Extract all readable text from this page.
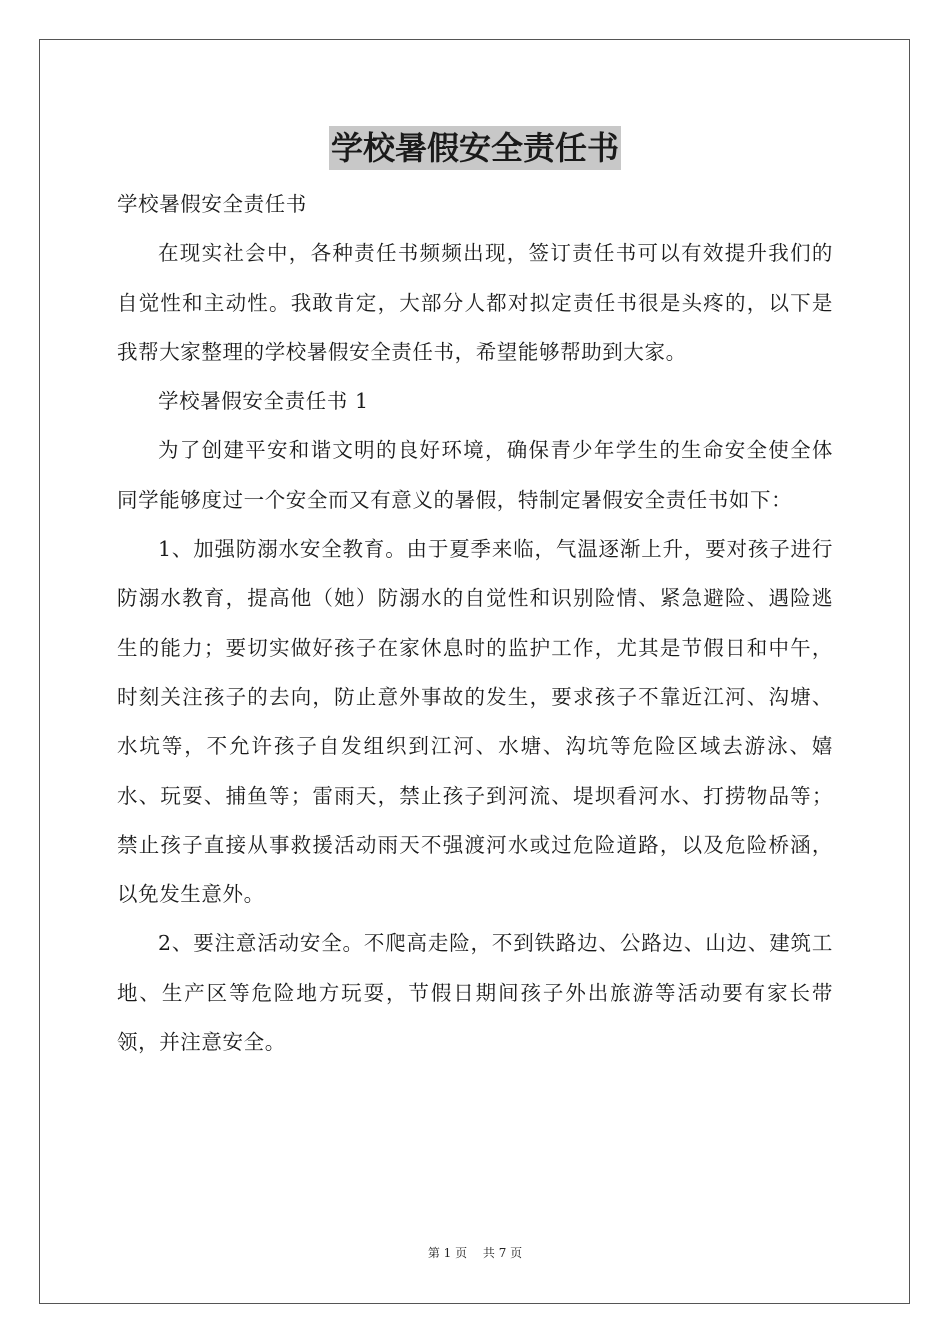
学校暑假安全责任书

学校暑假安全责任书

在现实社会中，各种责任书频频出现，签订责任书可以有效提升我们的自觉性和主动性。我敢肯定，大部分人都对拟定责任书很是头疼的，以下是我帮大家整理的学校暑假安全责任书，希望能够帮助到大家。

学校暑假安全责任书 1

为了创建平安和谐文明的良好环境，确保青少年学生的生命安全使全体同学能够度过一个安全而又有意义的暑假，特制定暑假安全责任书如下：

1、加强防溺水安全教育。由于夏季来临，气温逐渐上升，要对孩子进行防溺水教育，提高他（她）防溺水的自觉性和识别险情、紧急避险、遇险逃生的能力；要切实做好孩子在家休息时的监护工作，尤其是节假日和中午，时刻关注孩子的去向，防止意外事故的发生，要求孩子不靠近江河、沟塘、水坑等，不允许孩子自发组织到江河、水塘、沟坑等危险区域去游泳、嬉水、玩耍、捕鱼等；雷雨天，禁止孩子到河流、堤坝看河水、打捞物品等；禁止孩子直接从事救援活动雨天不强渡河水或过危险道路，以及危险桥涵，以免发生意外。

2、要注意活动安全。不爬高走险，不到铁路边、公路边、山边、建筑工地、生产区等危险地方玩耍，节假日期间孩子外出旅游等活动要有家长带领，并注意安全。

第 1 页 共 7 页
